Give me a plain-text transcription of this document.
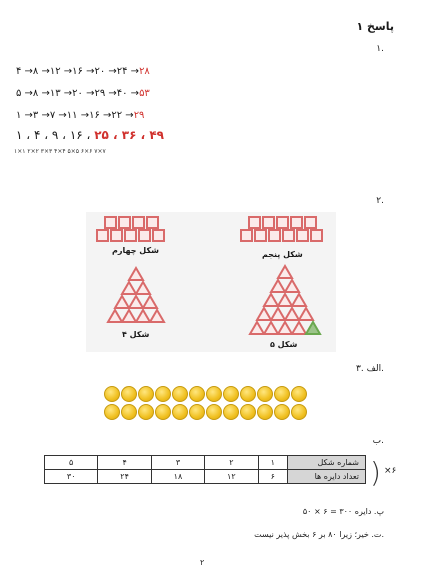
پاسخ ۱
۱.
۴ →۸ →۱۲ →۱۶ →۲۰ →۲۴ →۲۸
۵ →۸ →۱۳ →۲۰ →۲۹ →۴۰ →۵۳
۱ →۳ →۷ →۱۱ →۱۶ →۲۲ →۲۹
۱ ، ۴ ، ۹ ، ۱۶ ، ۲۵ ، ۳۶ ، ۴۹
۱×۱ ۲×۲ ۳×۳ ۴×۴ ۵×۵ ۶×۶ ۷×۷
۲.
شکل چهارم	شکل پنجم
شکل ۴
شکل ۵
۳. الف.
ب.
شماره شکل	۱	۲	۳	۴	۵
تعداد دایره ها	۶	۱۲	۱۸	۲۴	۳۰	) ×۶
پ. دایره ۳۰۰ = ۶ × ۵۰
ت. خیر؛ زیرا ۸۰ بر ۶ بخش پذیر نیست.
۲
